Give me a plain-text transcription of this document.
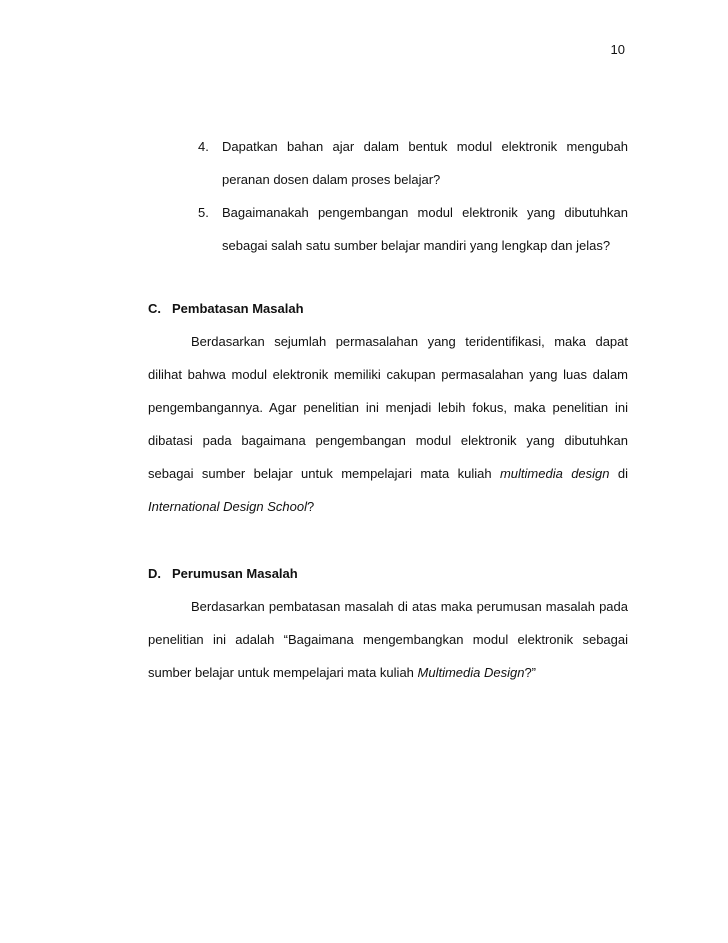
10
4. Dapatkan bahan ajar dalam bentuk modul elektronik mengubah peranan dosen dalam proses belajar?
5. Bagaimanakah pengembangan modul elektronik yang dibutuhkan sebagai salah satu sumber belajar mandiri yang lengkap dan jelas?
C. Pembatasan Masalah

Berdasarkan sejumlah permasalahan yang teridentifikasi, maka dapat dilihat bahwa modul elektronik memiliki cakupan permasalahan yang luas dalam pengembangannya. Agar penelitian ini menjadi lebih fokus, maka penelitian ini dibatasi pada bagaimana pengembangan modul elektronik yang dibutuhkan sebagai sumber belajar untuk mempelajari mata kuliah multimedia design di International Design School?

D. Perumusan Masalah

Berdasarkan pembatasan masalah di atas maka perumusan masalah pada penelitian ini adalah “Bagaimana mengembangkan modul elektronik sebagai sumber belajar untuk mempelajari mata kuliah Multimedia Design?”
